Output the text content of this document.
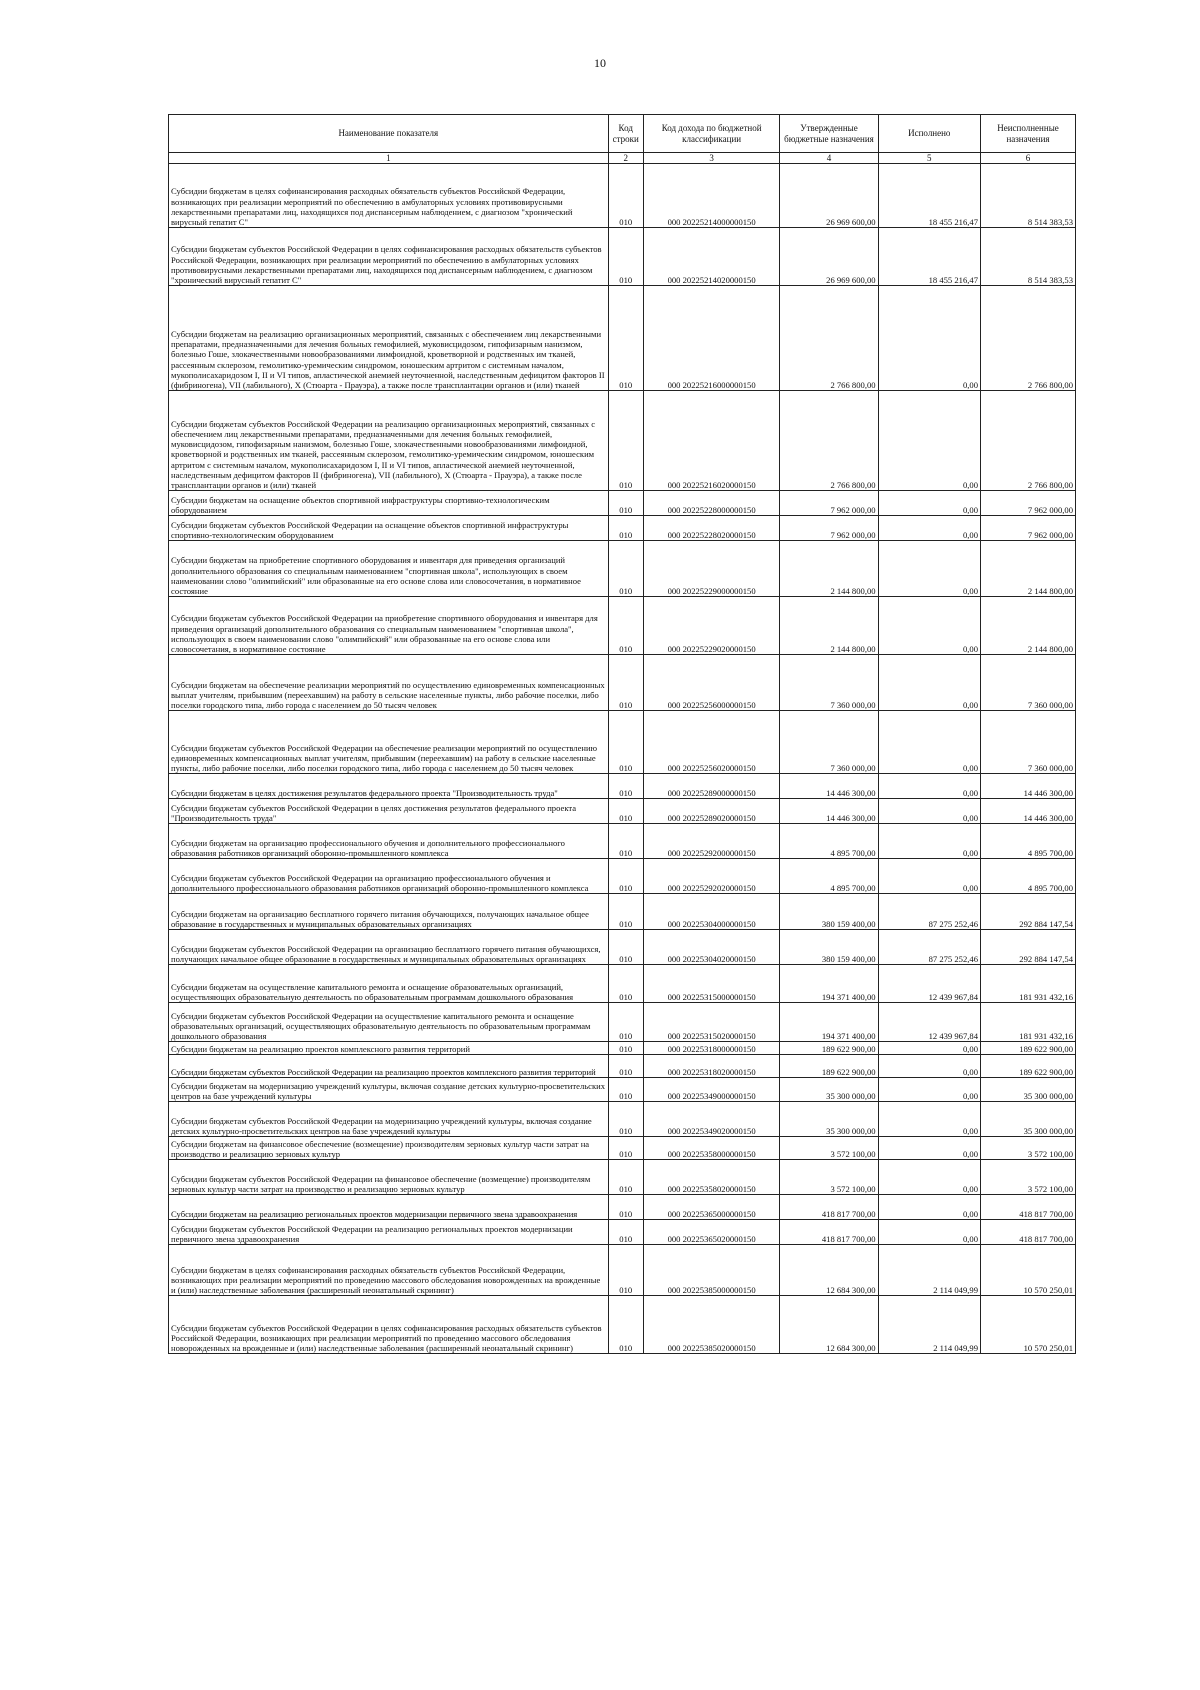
10
Наименование показателя	Код строки	Код дохода по бюджетной классификации	Утвержденные бюджетные назначения	Исполнено	Неисполненные назначения
1	2	3	4	5	6
Субсидии бюджетам в целях софинансирования расходных обязательств субъектов Российской Федерации, возникающих при реализации мероприятий по обеспечению в амбулаторных условиях противовирусными лекарственными препаратами лиц, находящихся под диспансерным наблюдением, с диагнозом "хронический вирусный гепатит С"	010	000 20225214000000150	26 969 600,00	18 455 216,47	8 514 383,53
Субсидии бюджетам субъектов Российской Федерации в целях софинансирования расходных обязательств субъектов Российской Федерации, возникающих при реализации мероприятий по обеспечению в амбулаторных условиях противовирусными лекарственными препаратами лиц, находящихся под диспансерным наблюдением, с диагнозом "хронический вирусный гепатит С"	010	000 20225214020000150	26 969 600,00	18 455 216,47	8 514 383,53
Субсидии бюджетам на реализацию организационных мероприятий, связанных с обеспечением лиц лекарственными препаратами, предназначенными для лечения больных гемофилией, муковисцидозом, гипофизарным нанизмом, болезнью Гоше, злокачественными новообразованиями лимфоидной, кроветворной и родственных им тканей, рассеянным склерозом, гемолитико-уремическим синдромом, юношеским артритом с системным началом, мукополисахаридозом I, II и VI типов, апластической анемией неуточненной, наследственным дефицитом факторов II (фибриногена), VII (лабильного), X (Стюарта - Прауэра), а также после трансплантации органов и (или) тканей	010	000 20225216000000150	2 766 800,00	0,00	2 766 800,00
Субсидии бюджетам субъектов Российской Федерации на реализацию организационных мероприятий, связанных с обеспечением лиц лекарственными препаратами, предназначенными для лечения больных гемофилией, муковисцидозом, гипофизарным нанизмом, болезнью Гоше, злокачественными новообразованиями лимфоидной, кроветворной и родственных им тканей, рассеянным склерозом, гемолитико-уремическим синдромом, юношеским артритом с системным началом, мукополисахаридозом I, II и VI типов, апластической анемией неуточненной, наследственным дефицитом факторов II (фибриногена), VII (лабильного), X (Стюарта - Прауэра), а также после трансплантации органов и (или) тканей	010	000 20225216020000150	2 766 800,00	0,00	2 766 800,00
Субсидии бюджетам на оснащение объектов спортивной инфраструктуры спортивно-технологическим оборудованием	010	000 20225228000000150	7 962 000,00	0,00	7 962 000,00
Субсидии бюджетам субъектов Российской Федерации на оснащение объектов спортивной инфраструктуры спортивно-технологическим оборудованием	010	000 20225228020000150	7 962 000,00	0,00	7 962 000,00
Субсидии бюджетам на приобретение спортивного оборудования и инвентаря для приведения организаций дополнительного образования со специальным наименованием "спортивная школа", использующих в своем наименовании слово "олимпийский" или образованные на его основе слова или словосочетания, в нормативное состояние	010	000 20225229000000150	2 144 800,00	0,00	2 144 800,00
Субсидии бюджетам субъектов Российской Федерации на приобретение спортивного оборудования и инвентаря для приведения организаций дополнительного образования со специальным наименованием "спортивная школа", использующих в своем наименовании слово "олимпийский" или образованные на его основе слова или словосочетания, в нормативное состояние	010	000 20225229020000150	2 144 800,00	0,00	2 144 800,00
Субсидии бюджетам на обеспечение реализации мероприятий по осуществлению единовременных компенсационных выплат учителям, прибывшим (переехавшим) на работу в сельские населенные пункты, либо рабочие поселки, либо поселки городского типа, либо города с населением до 50 тысяч человек	010	000 20225256000000150	7 360 000,00	0,00	7 360 000,00
Субсидии бюджетам субъектов Российской Федерации на обеспечение реализации мероприятий по осуществлению единовременных компенсационных выплат учителям, прибывшим (переехавшим) на работу в сельские населенные пункты, либо рабочие поселки, либо поселки городского типа, либо города с населением до 50 тысяч человек	010	000 20225256020000150	7 360 000,00	0,00	7 360 000,00
Субсидии бюджетам в целях достижения результатов федерального проекта "Производительность труда"	010	000 20225289000000150	14 446 300,00	0,00	14 446 300,00
Субсидии бюджетам субъектов Российской Федерации в целях достижения результатов федерального проекта "Производительность труда"	010	000 20225289020000150	14 446 300,00	0,00	14 446 300,00
Субсидии бюджетам на организацию профессионального обучения и дополнительного профессионального образования работников организаций оборонно-промышленного комплекса	010	000 20225292000000150	4 895 700,00	0,00	4 895 700,00
Субсидии бюджетам субъектов Российской Федерации на организацию профессионального обучения и дополнительного профессионального образования работников организаций оборонно-промышленного комплекса	010	000 20225292020000150	4 895 700,00	0,00	4 895 700,00
Субсидии бюджетам на организацию бесплатного горячего питания обучающихся, получающих начальное общее образование в государственных и муниципальных образовательных организациях	010	000 20225304000000150	380 159 400,00	87 275 252,46	292 884 147,54
Субсидии бюджетам субъектов Российской Федерации на организацию бесплатного горячего питания обучающихся, получающих начальное общее образование в государственных и муниципальных образовательных организациях	010	000 20225304020000150	380 159 400,00	87 275 252,46	292 884 147,54
Субсидии бюджетам на осуществление капитального ремонта и оснащение образовательных организаций, осуществляющих образовательную деятельность по образовательным программам дошкольного образования	010	000 20225315000000150	194 371 400,00	12 439 967,84	181 931 432,16
Субсидии бюджетам субъектов Российской Федерации на осуществление капитального ремонта и оснащение образовательных организаций, осуществляющих образовательную деятельность по образовательным программам дошкольного образования	010	000 20225315020000150	194 371 400,00	12 439 967,84	181 931 432,16
Субсидии бюджетам на реализацию проектов комплексного развития территорий	010	000 20225318000000150	189 622 900,00	0,00	189 622 900,00
Субсидии бюджетам субъектов Российской Федерации на реализацию проектов комплексного развития территорий	010	000 20225318020000150	189 622 900,00	0,00	189 622 900,00
Субсидии бюджетам на модернизацию учреждений культуры, включая создание детских культурно-просветительских центров на базе учреждений культуры	010	000 20225349000000150	35 300 000,00	0,00	35 300 000,00
Субсидии бюджетам субъектов Российской Федерации на модернизацию учреждений культуры, включая создание детских культурно-просветительских центров на базе учреждений культуры	010	000 20225349020000150	35 300 000,00	0,00	35 300 000,00
Субсидии бюджетам на финансовое обеспечение (возмещение) производителям зерновых культур части затрат на производство и реализацию зерновых культур	010	000 20225358000000150	3 572 100,00	0,00	3 572 100,00
Субсидии бюджетам субъектов Российской Федерации на финансовое обеспечение (возмещение) производителям зерновых культур части затрат на производство и реализацию зерновых культур	010	000 20225358020000150	3 572 100,00	0,00	3 572 100,00
Субсидии бюджетам на реализацию региональных проектов модернизации первичного звена здравоохранения	010	000 20225365000000150	418 817 700,00	0,00	418 817 700,00
Субсидии бюджетам субъектов Российской Федерации на реализацию региональных проектов модернизации первичного звена здравоохранения	010	000 20225365020000150	418 817 700,00	0,00	418 817 700,00
Субсидии бюджетам в целях софинансирования расходных обязательств субъектов Российской Федерации, возникающих при реализации мероприятий по проведению массового обследования новорожденных на врожденные и (или) наследственные заболевания (расширенный неонатальный скрининг)	010	000 20225385000000150	12 684 300,00	2 114 049,99	10 570 250,01
Субсидии бюджетам субъектов Российской Федерации в целях софинансирования расходных обязательств субъектов Российской Федерации, возникающих при реализации мероприятий по проведению массового обследования новорожденных на врожденные и (или) наследственные заболевания (расширенный неонатальный скрининг)	010	000 20225385020000150	12 684 300,00	2 114 049,99	10 570 250,01
